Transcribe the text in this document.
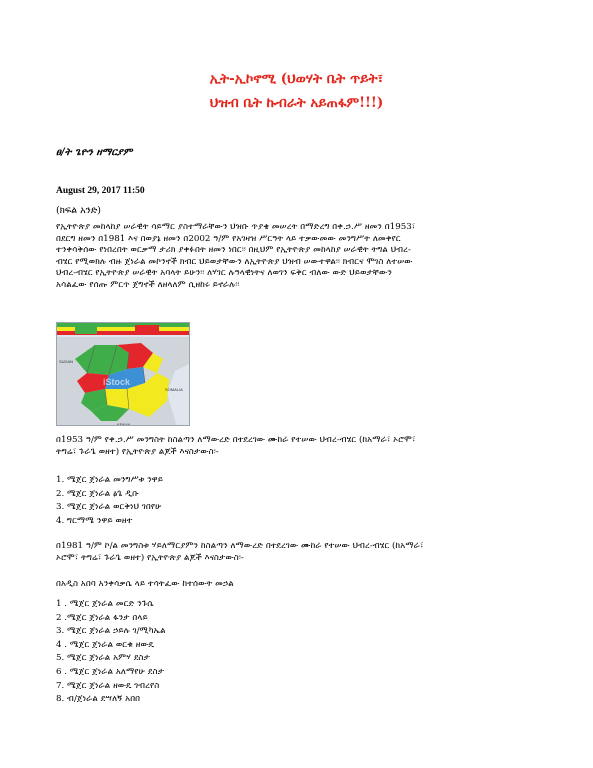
ኢት-ኢኮኖሚ (ህወሃት ቤት ጥይት፣
ህዝብ ቤት ኩብራት አይጠፋም!!!)
ፀ/ት ጌዮን ዘማርያም
August 29, 2017 11:50
(ክፍል አንድ)
የኢትዮጵያ መከላከያ ሠራዊት ሳይማር ያስተማራቸውን ህዝቡ ጥያቄ መሠረት በማድረግ በቀ.ኃ.ሥ ዘመን በ1953፣
በደርግ ዘመን በ1981 እና በወያኔ ዘመን በ2002 ዓ/ም የአገዛዝ ሥርዓት ላይ ተቃውመው መንግሥት ለመቀየር
ተንቀሳቅሰው የነበረበት ወርቃማ ታሪክ ያቀፉበት ዘመን ነበር፡፡ በዚህም የኢትዮጵያ መከላከያ ሠራዊት ትግል ህብረ-
ብሄር የሚወክሉ ብዙ ጀነራል መኮንኖች ክብር ህይወታቸውን ለኢትዮጵያ ህዝብ ሠውተዋል፡፡ ክብርና ሞገስ ለተሠው
ህብረ-ብሄር የኢትዮጵያ ሠራዊት አባላት ይሁን፡፡ ለሃገር ሉዓላዊነትና ለወገን ፍቅር ብለው ውድ ህይወታቸውን
አሳልፈው የሰጡ ምርጥ ጀግኖች ለዘላለም ሲዘከሩ ይኖራሉ፡፡
SUDAN
SOMALIA
KENYA
iStock
በ1953 ዓ/ም የቀ.ኃ.ሥ መንግስት ከስልጣን ለማውረድ በተደረገው ሙከራ የተሠው ህብረ-ብሄር (ከአማራ፣ ኦሮሞ፣
ትግሬ፣ ጉራጌ ወዘተ) የኢትዮጵያ ልጆች እናስታውስ፡-
1. ሜጀር ጀነራል መንግሥቱ ንዋይ
2. ሜጀር ጀነራል ፅጌ ዲቡ
3. ሜጀር ጀነራል ወርቅነህ ገበየሁ
4. ግርማሜ ንዋይ ወዘተ
በ1981 ዓ/ም ኮ/ል መንግስቱ ሃይለማርያምን ከስልጣን ለማውረድ በተደረገው ሙከራ የተሠው ህብረ-ብሄር (ከአማራ፣
ኦሮሞ፣ ትግሬ፣ ጉራጌ ወዘተ) የኢትዮጵያ ልጆች እናስታውስ፡-
በአዲስ አበባ አንቀሳቃሴ ላይ ተሳትፈው ከተሰውት መኃል
1 . ሜጀር ጀነራል መርድ ንጉሴ
2 .ሜጀር ጀነራል ፋንታ በላይ
3. ሜጀር ጀነራል ኃይሉ ገ/ሚካኤል
4 . ሜጀር ጀነራል ወርቁ ዘውዴ
5. ሜጀር ጀነራል አምሃ ደስታ
6 . ሜጀር ጀነራል አለማየሁ ደስታ
7. ሜጀር ጀነራል ዘውዴ ገብረየስ
8. ብ/ጀነራል ደሣለኝ አበበ
